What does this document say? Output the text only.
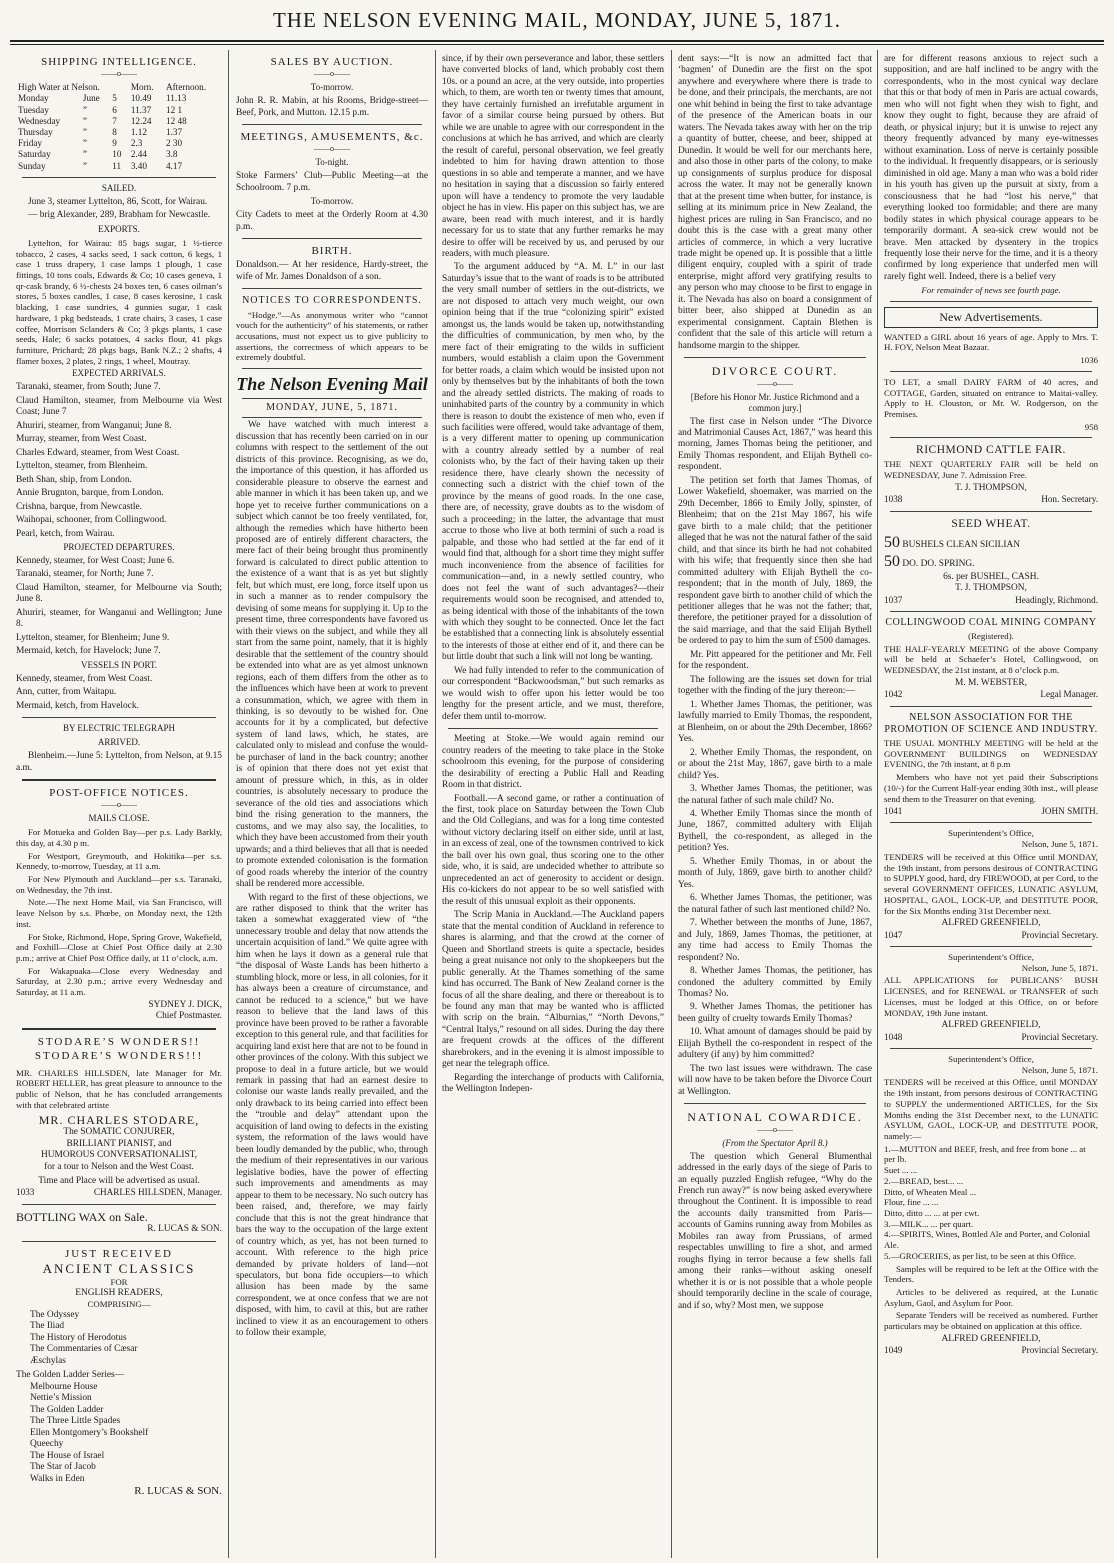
THE NELSON EVENING MAIL, MONDAY, JUNE 5, 1871.
SHIPPING INTELLIGENCE.
——o——
High Water at Nelson.			Morn.	Afternoon.
Monday	June	5	10.49	11.13
Tuesday	”	6	11.37	12 1
Wednesday	”	7	12.24	12 48
Thursday	”	8	1.12	1.37
Friday	”	9	2.3	2 30
Saturday	”	10	2.44	3.8
Sunday	”	11	3.40	4.17
SAILED.

June 3, steamer Lyttelton, 86, Scott, for Wairau.

— brig Alexander, 289, Brabham for Newcastle.

EXPORTS.

Lyttelton, for Wairau: 85 bags sugar, 1 ½-tierce tobacco, 2 cases, 4 sacks seed, 1 sack cotton, 6 kegs, 1 case 1 truss drapery, 1 case lamps 1 plough, 1 case fittings, 10 tons coals, Edwards & Co; 10 cases geneva, 1 qr-cask brandy, 6 ½-chests 24 boxes ten, 6 cases oilman’s stores, 5 boxes candles, 1 case, 8 cases kerosine, 1 cask blacking, 1 case sundries, 4 gunnies sugar, 1 cask hardware, 1 pkg bedsteads, 1 crate chairs, 3 cases, 1 case coffee, Morrison Sclanders & Co; 3 pkgs plants, 1 case seeds, Hale; 6 sacks potatoes, 4 sacks flour, 41 pkgs furniture, Prichard; 28 pkgs bags, Bank N.Z.; 2 shafts, 4 flamer boxes, 2 plates, 2 rings, 1 wheel, Moutray.

EXPECTED ARRIVALS.

Taranaki, steamer, from South; June 7.

Claud Hamilton, steamer, from Melbourne via West Coast; June 7

Ahuriri, steamer, from Wanganui; June 8.

Murray, steamer, from West Coast.

Charles Edward, steamer, from West Coast.

Lyttelton, steamer, from Blenheim.

Beth Shan, ship, from London.

Annie Brugnton, barque, from London.

Crishna, barque, from Newcastle.

Waihopai, schooner, from Collingwood.

Pearl, ketch, from Wairau.

PROJECTED DEPARTURES.

Kennedy, steamer, for West Coast; June 6.

Taranaki, steamer, for North; June 7.

Claud Hamilton, steamer, for Melbourne via South; June 8.

Ahuriri, steamer, for Wanganui and Wellington; June 8.

Lyttelton, steamer, for Blenheim; June 9.

Mermaid, ketch, for Havelock; June 7.

VESSELS IN PORT.

Kennedy, steamer, from West Coast.

Ann, cutter, from Waitapu.

Mermaid, ketch, from Havelock.

BY ELECTRIC TELEGRAPH
ARRIVED.

Blenheim.—June 5: Lyttelton, from Nelson, at 9.15 a.m.

POST-OFFICE NOTICES.
——o——
MAILS CLOSE.

For Motueka and Golden Bay—per p.s. Lady Barkly, this day, at 4.30 p m.

For Westport, Greymouth, and Hokitika—per s.s. Kennedy, to-morrow, Tuesday, at 11 a.m.

For New Plymouth and Auckland—per s.s. Taranaki, on Wednesday, the 7th inst.

Note.—The next Home Mail, via San Francisco, will leave Nelson by s.s. Phœbe, on Monday next, the 12th inst.

For Stoke, Richmond, Hope, Spring Grove, Wakefield, and Foxhill—Close at Chief Post Office daily at 2.30 p.m.; arrive at Chief Post Office daily, at 11 o’clock, a.m.

For Wakapuaka—Close every Wednesday and Saturday, at 2.30 p.m.; arrive every Wednesday and Saturday, at 11 a.m.

SYDNEY J. DICK,
Chief Postmaster.
STODARE’S WONDERS!!
STODARE’S WONDERS!!!

MR. CHARLES HILLSDEN, late Manager for Mr. ROBERT HELLER, has great pleasure to announce to the public of Nelson, that he has concluded arrangements with that celebrated artiste

MR. CHARLES STODARE,
The SOMATIC CONJURER,
BRILLIANT PIANIST, and
HUMOROUS CONVERSATIONALIST,
for a tour to Nelson and the West Coast.
Time and Place will be advertised as usual.
1033	CHARLES HILLSDEN, Manager.
BOTTLING WAX on Sale.
R. LUCAS & SON.
JUST RECEIVED
ANCIENT CLASSICS
FOR
ENGLISH READERS,
COMPRISING—
The Odyssey
The Iliad
The History of Herodotus
The Commentaries of Cæsar
Æschylas
The Golden Ladder Series—
Melbourne House
Nettie’s Mission
The Golden Ladder
The Three Little Spades
Ellen Montgomery’s Bookshelf
Queechy
The House of Israel
The Star of Jacob
Walks in Eden
R. LUCAS & SON.
SALES BY AUCTION.
——o——
To-morrow.

John R. R. Mabin, at his Rooms, Bridge-street—Beef, Pork, and Mutton. 12.15 p.m.

MEETINGS, AMUSEMENTS, &c.
——o——
To-night.

Stoke Farmers’ Club—Public Meeting—at the Schoolroom. 7 p.m.

To-morrow.

City Cadets to meet at the Orderly Room at 4.30 p.m.

BIRTH.

Donaldson.— At her residence, Hardy-street, the wife of Mr. James Donaldson of a son.

NOTICES TO CORRESPONDENTS.

“Hodge.”—As anonymous writer who “cannot vouch for the authenticity” of his statements, or rather accusations, must not expect us to give publicity to assertions, the correctness of which appears to be extremely doubtful.

The Nelson Evening Mail
MONDAY, JUNE, 5, 1871.

We have watched with much interest a discussion that has recently been carried on in our columns with respect to the settlement of the out districts of this province. Recognising, as we do, the importance of this question, it has afforded us considerable pleasure to observe the earnest and able manner in which it has been taken up, and we hope yet to receive further communications on a subject which cannot be too freely ventilated, for, although the remedies which have hitherto been proposed are of entirely different characters, the mere fact of their being brought thus prominently forward is calculated to direct public attention to the existence of a want that is as yet but slightly felt, but which must, ere long, force itself upon us in such a manner as to render compulsory the devising of some means for supplying it. Up to the present time, three correspondents have favored us with their views on the subject, and while they all start from the same point, namely, that it is highly desirable that the settlement of the country should be extended into what are as yet almost unknown regions, each of them differs from the other as to the influences which have been at work to prevent a consummation, which, we agree with them in thinking, is so devoutly to be wished for. One accounts for it by a complicated, but defective system of land laws, which, he states, are calculated only to mislead and confuse the would-be purchaser of land in the back country; another is of opinion that there does not yet exist that amount of pressure which, in this, as in older countries, is absolutely necessary to produce the severance of the old ties and associations which bind the rising generation to the manners, the customs, and we may also say, the localities, to which they have been accustomed from their youth upwards; and a third believes that all that is needed to promote extended colonisation is the formation of good roads whereby the interior of the country shall be rendered more accessible.

With regard to the first of these objections, we are rather disposed to think that the writer has taken a somewhat exaggerated view of “the unnecessary trouble and delay that now attends the uncertain acquisition of land.” We quite agree with him when he lays it down as a general rule that “the disposal of Waste Lands has been hitherto a stumbling block, more or less, in all colonies, for it has always been a creature of circumstance, and cannot be reduced to a science,” but we have reason to believe that the land laws of this province have been proved to be rather a favorable exception to this general rule, and that facilities for acquiring land exist here that are not to be found in other provinces of the colony. With this subject we propose to deal in a future article, but we would remark in passing that had an earnest desire to colonise our waste lands really prevailed, and the only drawback to its being carried into effect been the “trouble and delay” attendant upon the acquisition of land owing to defects in the existing system, the reformation of the laws would have been loudly demanded by the public, who, through the medium of their representatives in our various legislative bodies, have the power of effecting such improvements and amendments as may appear to them to be necessary. No such outcry has been raised, and, therefore, we may fairly conclude that this is not the great hindrance that bars the way to the occupation of the large extent of country which, as yet, has not been turned to account. With reference to the high price demanded by private holders of land—not speculators, but bona fide occupiers—to which allusion has been made by the same correspondent, we at once confess that we are not disposed, with him, to cavil at this, but are rather inclined to view it as an encouragement to others to follow their example,

since, if by their own perseverance and labor, these settlers have converted blocks of land, which probably cost them 10s. or a pound an acre, at the very outside, into properties which, to them, are worth ten or twenty times that amount, they have certainly furnished an irrefutable argument in favor of a similar course being pursued by others. But while we are unable to agree with our correspondent in the conclusions at which he has arrived, and which are clearly the result of careful, personal observation, we feel greatly indebted to him for having drawn attention to those questions in so able and temperate a manner, and we have no hesitation in saying that a discussion so fairly entered upon will have a tendency to promote the very laudable object he has in view. His paper on this subject has, we are aware, been read with much interest, and it is hardly necessary for us to state that any further remarks he may desire to offer will be received by us, and perused by our readers, with much pleasure.

To the argument adduced by “A. M. L” in our last Saturday’s issue that to the want of roads is to be attributed the very small number of settlers in the out-districts, we are not disposed to attach very much weight, our own opinion being that if the true “colonizing spirit” existed amongst us, the lands would be taken up, notwithstanding the difficulties of communication, by men who, by the mere fact of their emigrating to the wilds in sufficient numbers, would establish a claim upon the Government for better roads, a claim which would be insisted upon not only by themselves but by the inhabitants of both the town and the already settled districts. The making of roads to uninhabited parts of the country by a community in which there is reason to doubt the existence of men who, even if such facilities were offered, would take advantage of them, is a very different matter to opening up communication with a country already settled by a number of real colonists who, by the fact of their having taken up their residence there, have clearly shown the necessity of connecting such a district with the chief town of the province by the means of good roads. In the one case, there are, of necessity, grave doubts as to the wisdom of such a proceeding; in the latter, the advantage that must accrue to those who live at both termini of such a road is palpable, and those who had settled at the far end of it would find that, although for a short time they might suffer much inconvenience from the absence of facilities for communication—and, in a newly settled country, who does not feel the want of such advantages?—their requirements would soon be recognised, and attended to, as being identical with those of the inhabitants of the town with which they sought to be connected. Once let the fact be established that a connecting link is absolutely essential to the interests of those at either end of it, and there can be but little doubt that such a link will not long be wanting.

We had fully intended to refer to the communication of our correspondent “Backwoodsman,” but such remarks as we would wish to offer upon his letter would be too lengthy for the present article, and we must, therefore, defer them until to-morrow.

Meeting at Stoke.—We would again remind our country readers of the meeting to take place in the Stoke schoolroom this evening, for the purpose of considering the desirability of erecting a Public Hall and Reading Room in that district.

Football.—A second game, or rather a continuation of the first, took place on Saturday between the Town Club and the Old Collegians, and was for a long time contested without victory declaring itself on either side, until at last, in an excess of zeal, one of the townsmen contrived to kick the ball over his own goal, thus scoring one to the other side, who, it is said, are undecided whether to attribute so unprecedented an act of generosity to accident or design. His co-kickers do not appear to be so well satisfied with the result of this unusual exploit as their opponents.

The Scrip Mania in Auckland.—The Auckland papers state that the mental condition of Auckland in reference to shares is alarming, and that the crowd at the corner of Queen and Shortland streets is quite a spectacle, besides being a great nuisance not only to the shopkeepers but the public generally. At the Thames something of the same kind has occurred. The Bank of New Zealand corner is the focus of all the share dealing, and there or thereabout is to be found any man that may be wanted who is afflicted with scrip on the brain. “Alburnias,” “North Devons,” “Central Italys,” resound on all sides. During the day there are frequent crowds at the offices of the different sharebrokers, and in the evening it is almost impossible to get near the telegraph office.

Regarding the interchange of products with California, the Wellington Indepen-

dent says:—“It is now an admitted fact that ‘bagmen’ of Dunedin are the first on the spot anywhere and everywhere where there is trade to be done, and their principals, the merchants, are not one whit behind in being the first to take advantage of the presence of the American boats in our waters. The Nevada takes away with her on the trip a quantity of butter, cheese, and beer, shipped at Dunedin. It would be well for our merchants here, and also those in other parts of the colony, to make up consignments of surplus produce for disposal across the water. It may not be generally known that at the present time when butter, for instance, is selling at its minimum price in New Zealand, the highest prices are ruling in San Francisco, and no doubt this is the case with a great many other articles of commerce, in which a very lucrative trade might be opened up. It is possible that a little diligent enquiry, coupled with a spirit of trade enterprise, might afford very gratifying results to any person who may choose to be first to engage in it. The Nevada has also on board a consignment of bitter beer, also shipped at Dunedin as an experimental consignment. Captain Blethen is confident that the sale of this article will return a handsome margin to the shipper.

DIVORCE COURT.
——o——
[Before his Honor Mr. Justice Richmond and a common jury.]

The first case in Nelson under “The Divorce and Matrimonial Causes Act, 1867,” was heard this morning, James Thomas being the petitioner, and Emily Thomas respondent, and Elijah Bythell co-respondent.

The petition set forth that James Thomas, of Lower Wakefield, shoemaker, was married on the 29th December, 1866 to Emily Jolly, spinster, of Blenheim; that on the 21st May 1867, his wife gave birth to a male child; that the petitioner alleged that he was not the natural father of the said child, and that since its birth he had not cohabited with his wife; that frequently since then she had committed adultery with Elijah Bythell the co-respondent; that in the month of July, 1869, the respondent gave birth to another child of which the petitioner alleges that he was not the father; that, therefore, the petitioner prayed for a dissolution of the said marriage, and that the said Elijah Bythell be ordered to pay to him the sum of £500 damages.

Mr. Pitt appeared for the petitioner and Mr. Fell for the respondent.

The following are the issues set down for trial together with the finding of the jury thereon:—

1. Whether James Thomas, the petitioner, was lawfully married to Emily Thomas, the respondent, at Blenheim, on or about the 29th December, 1866? Yes.

2. Whether Emily Thomas, the respondent, on or about the 21st May, 1867, gave birth to a male child? Yes.

3. Whether James Thomas, the petitioner, was the natural father of such male child? No.

4. Whether Emily Thomas since the month of June, 1867, committed adultery with Elijah Bythell, the co-respondent, as alleged in the petition? Yes.

5. Whether Emily Thomas, in or about the month of July, 1869, gave birth to another child? Yes.

6. Whether James Thomas, the petitioner, was the natural father of such last mentioned child? No.

7. Whether between the months of June, 1867, and July, 1869, James Thomas, the petitioner, at any time had access to Emily Thomas the respondent? No.

8. Whether James Thomas, the petitioner, has condoned the adultery committed by Emily Thomas? No.

9. Whether James Thomas, the petitioner has been guilty of cruelty towards Emily Thomas?

10. What amount of damages should be paid by Elijah Bythell the co-respondent in respect of the adultery (if any) by him committed?

The two last issues were withdrawn. The case will now have to be taken before the Divorce Court at Wellington.

NATIONAL COWARDICE.
——o——
(From the Spectator April 8.)

The question which General Blumenthal addressed in the early days of the siege of Paris to an equally puzzled English refugee, “Why do the French run away?” is now being asked everywhere throughout the Continent. It is impossible to read the accounts daily transmitted from Paris—accounts of Gamins running away from Mobiles as Mobiles ran away from Prussians, of armed respectables unwilling to fire a shot, and armed roughs flying in terror because a few shells fall among their ranks—without asking oneself whether it is or is not possible that a whole people should temporarily decline in the scale of courage, and if so, why? Most men, we suppose

are for different reasons anxious to reject such a supposition, and are half inclined to be angry with the correspondents, who in the most cynical way declare that this or that body of men in Paris are actual cowards, men who will not fight when they wish to fight, and know they ought to fight, because they are afraid of death, or physical injury; but it is unwise to reject any theory frequently advanced by many eye-witnesses without examination. Loss of nerve is certainly possible to the individual. It frequently disappears, or is seriously diminished in old age. Many a man who was a bold rider in his youth has given up the pursuit at sixty, from a consciousness that he had “lost his nerve,” that everything looked too formidable; and there are many bodily states in which physical courage appears to be temporarily dormant. A sea-sick crew would not be brave. Men attacked by dysentery in the tropics frequently lose their nerve for the time, and it is a theory confirmed by long experience that underfed men will rarely fight well. Indeed, there is a belief very

For remainder of news see fourth page.
New Advertisements.

WANTED a GIRL about 16 years of age. Apply to Mrs. T. H. FOY, Nelson Meat Bazaar.

1036

TO LET, a small DAIRY FARM of 40 acres, and COTTAGE, Garden, situated on entrance to Maitai-valley. Apply to H. Clouston, or Mr. W. Rodgerson, on the Premises.

958
RICHMOND CATTLE FAIR.

THE NEXT QUARTERLY FAIR will be held on WEDNESDAY, June 7. Admission Free.

T. J. THOMPSON,
1038	Hon. Secretary.
SEED WHEAT.
50 BUSHELS CLEAN SICILIAN
50 DO. DO. SPRING.
6s. per BUSHEL, CASH.
T. J. THOMPSON,
1037	Headingly, Richmond.
COLLINGWOOD COAL MINING COMPANY
(Registered).

THE HALF-YEARLY MEETING of the above Company will be held at Schaefer’s Hotel, Collingwood, on WEDNESDAY, the 21st instant, at 8 o’clock p.m.

M. M. WEBSTER,
1042	Legal Manager.
NELSON ASSOCIATION FOR THE PROMOTION OF SCIENCE AND INDUSTRY.

THE USUAL MONTHLY MEETING will be held at the GOVERNMENT BUILDINGS on WEDNESDAY EVENING, the 7th instant, at 8 p.m

Members who have not yet paid their Subscriptions (10/-) for the Current Half-year ending 30th inst., will please send them to the Treasurer on that evening.

1041	JOHN SMITH.
Superintendent’s Office,
Nelson, June 5, 1871.

TENDERS will be received at this Office until MONDAY, the 19th instant, from persons desirous of CONTRACTING to SUPPLY good, hard, dry FIREWOOD, at per Cord, to the several GOVERNMENT OFFICES, LUNATIC ASYLUM, HOSPITAL, GAOL, LOCK-UP, and DESTITUTE POOR, for the Six Months ending 31st December next.

ALFRED GREENFIELD,
1047	Provincial Secretary.
Superintendent’s Office,
Nelson, June 5, 1871.

ALL APPLICATIONS for PUBLICANS’ BUSH LICENSES, and for RENEWAL or TRANSFER of such Licenses, must be lodged at this Office, on or before MONDAY, 19th June instant.

ALFRED GREENFIELD,
1048	Provincial Secretary.
Superintendent’s Office,
Nelson, June 5, 1871.

TENDERS will be received at this Office, until MONDAY the 19th instant, from persons desirous of CONTRACTING to SUPPLY the undermentioned ARTICLES, for the Six Months ending the 31st December next, to the LUNATIC ASYLUM, GAOL, LOCK-UP, and DESTITUTE POOR, namely:—

1.—MUTTON and BEEF, fresh, and free from bone ... at per lb.
Suet ... ...
2.—BREAD, best... ...
Ditto, of Wheaten Meal ...
Flour, fine ... ...
Ditto, ditto ... ... at per cwt.
3.—MILK... ... per quart.
4.—SPIRITS, Wines, Bottled Ale and Porter, and Colonial Ale.
5.—GROCERIES, as per list, to be seen at this Office.

Samples will be required to be left at the Office with the Tenders.

Articles to be delivered as required, at the Lunatic Asylum, Gaol, and Asylum for Poor.

Separate Tenders will be received as numbered. Further particulars may be obtained on application at this office.

ALFRED GREENFIELD,
1049	Provincial Secretary.
